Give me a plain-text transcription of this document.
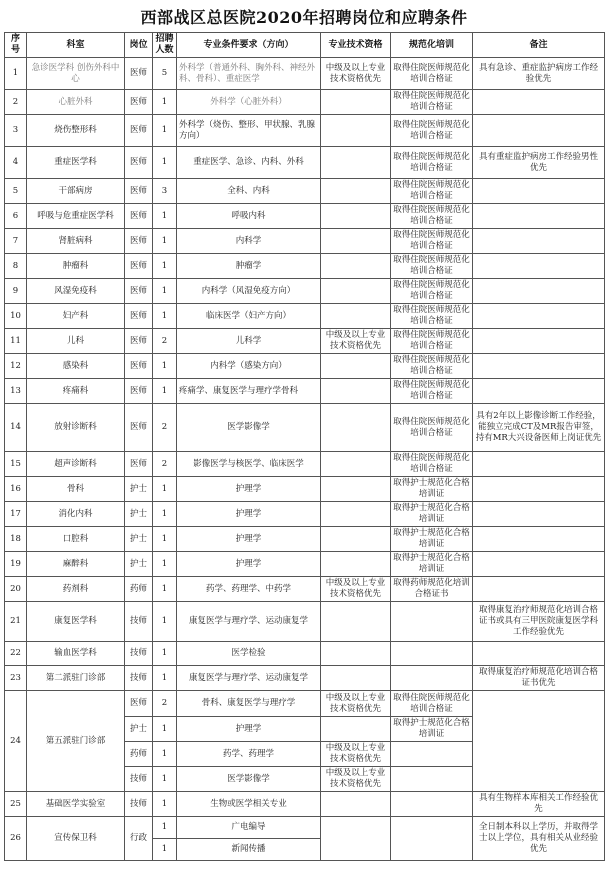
西部战区总医院2020年招聘岗位和应聘条件
序号	科室	岗位	招聘人数	专业条件要求（方向）	专业技术资格	规范化培训	备注
1	急诊医学科 创伤外科中心	医师	5	外科学（普通外科、胸外科、神经外科、骨科）、重症医学	中级及以上专业技术资格优先	取得住院医师规范化培训合格证	具有急诊、重症监护病房工作经验优先
2	心脏外科	医师	1	外科学（心脏外科）		取得住院医师规范化培训合格证	
3	烧伤整形科	医师	1	外科学（烧伤、整形、甲状腺、乳腺方向）		取得住院医师规范化培训合格证	
4	重症医学科	医师	1	重症医学、急诊、内科、外科		取得住院医师规范化培训合格证	具有重症监护病房工作经验男性优先
5	干部病房	医师	3	全科、内科		取得住院医师规范化培训合格证	
6	呼吸与危重症医学科	医师	1	呼吸内科		取得住院医师规范化培训合格证	
7	肾脏病科	医师	1	内科学		取得住院医师规范化培训合格证	
8	肿瘤科	医师	1	肿瘤学		取得住院医师规范化培训合格证	
9	风湿免疫科	医师	1	内科学（风湿免疫方向）		取得住院医师规范化培训合格证	
10	妇产科	医师	1	临床医学（妇产方向）		取得住院医师规范化培训合格证	
11	儿科	医师	2	儿科学	中级及以上专业技术资格优先	取得住院医师规范化培训合格证	
12	感染科	医师	1	内科学（感染方向）		取得住院医师规范化培训合格证	
13	疼痛科	医师	1	疼痛学、康复医学与理疗学骨科		取得住院医师规范化培训合格证	
14	放射诊断科	医师	2	医学影像学		取得住院医师规范化培训合格证	具有2年以上影像诊断工作经验，能独立完成CT及MR报告审签，持有MR大兴设备医师上岗证优先
15	超声诊断科	医师	2	影像医学与核医学、临床医学		取得住院医师规范化培训合格证	
16	骨科	护士	1	护理学		取得护士规范化合格培训证	
17	消化内科	护士	1	护理学		取得护士规范化合格培训证	
18	口腔科	护士	1	护理学		取得护士规范化合格培训证	
19	麻醉科	护士	1	护理学		取得护士规范化合格培训证	
20	药剂科	药师	1	药学、药理学、中药学	中级及以上专业技术资格优先	取得药师规范化培训合格证书	
21	康复医学科	技师	1	康复医学与理疗学、运动康复学			取得康复治疗师规范化培训合格证书或具有三甲医院康复医学科工作经验优先
22	输血医学科	技师	1	医学检验			
23	第二派驻门诊部	技师	1	康复医学与理疗学、运动康复学			取得康复治疗师规范化培训合格证书优先
24	第五派驻门诊部	医师	2	骨科、康复医学与理疗学	中级及以上专业技术资格优先	取得住院医师规范化培训合格证	
		护士	1	护理学		取得护士规范化合格培训证	
		药师	1	药学、药理学	中级及以上专业技术资格优先		
		技师	1	医学影像学	中级及以上专业技术资格优先		
25	基础医学实验室	技师	1	生物或医学相关专业			具有生物样本库相关工作经验优先
26	宣传保卫科	行政	1	广电编导			全日制本科以上学历，并取得学士以上学位，具有相关从业经验优先
			1	新闻传播			
